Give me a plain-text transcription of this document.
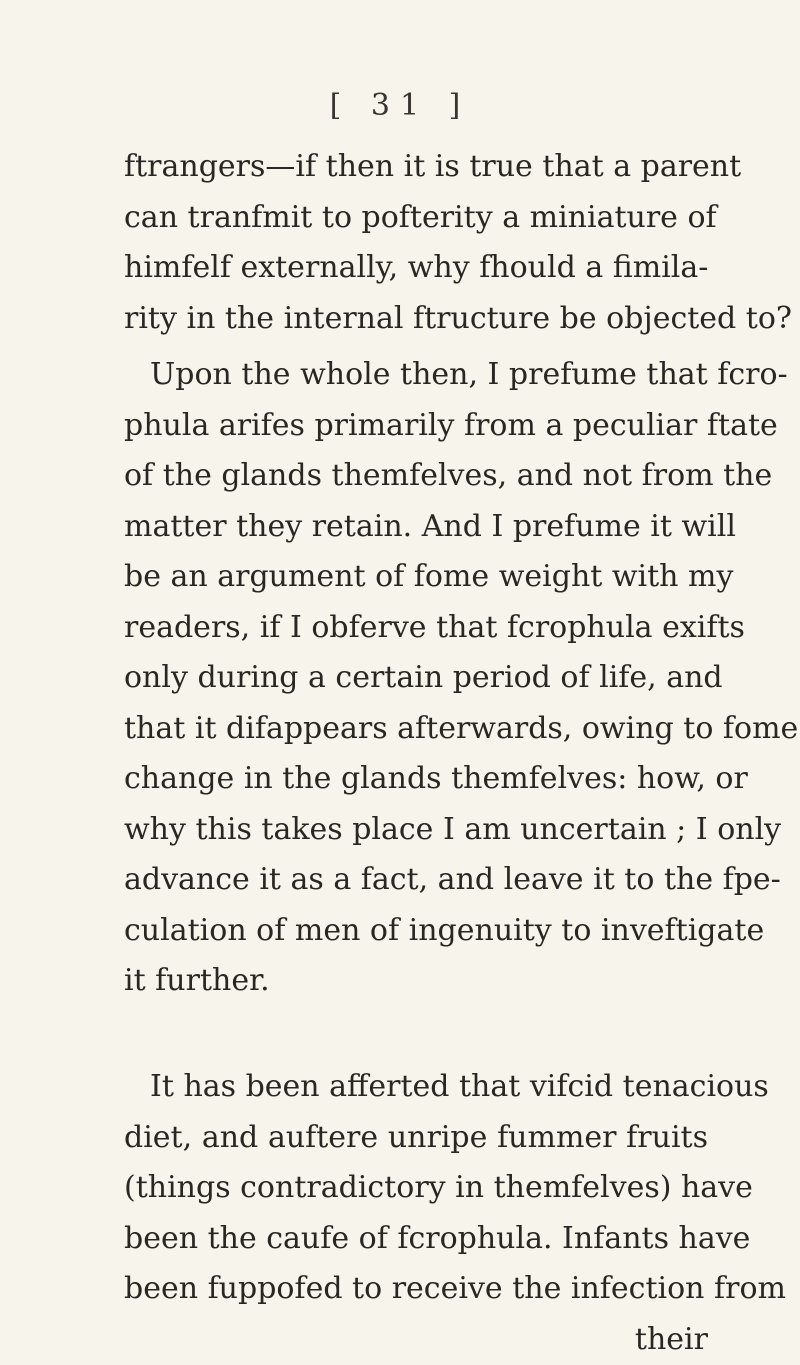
[ 31 ]
ftrangers—if then it is true that a parent
can tranfmit to pofterity a miniature of
himfelf externally, why fhould a fimila-
rity in the internal ftructure be objected to?
Upon the whole then, I prefume that fcro-
phula arifes primarily from a peculiar ftate
of the glands themfelves, and not from the
matter they retain. And I prefume it will
be an argument of fome weight with my
readers, if I obferve that fcrophula exifts
only during a certain period of life, and
that it difappears afterwards, owing to fome
change in the glands themfelves: how, or
why this takes place I am uncertain ; I only
advance it as a fact, and leave it to the fpe-
culation of men of ingenuity to inveftigate
it further.
It has been afferted that vifcid tenacious
diet, and auftere unripe fummer fruits
(things contradictory in themfelves) have
been the caufe of fcrophula. Infants have
been fuppofed to receive the infection from
their
